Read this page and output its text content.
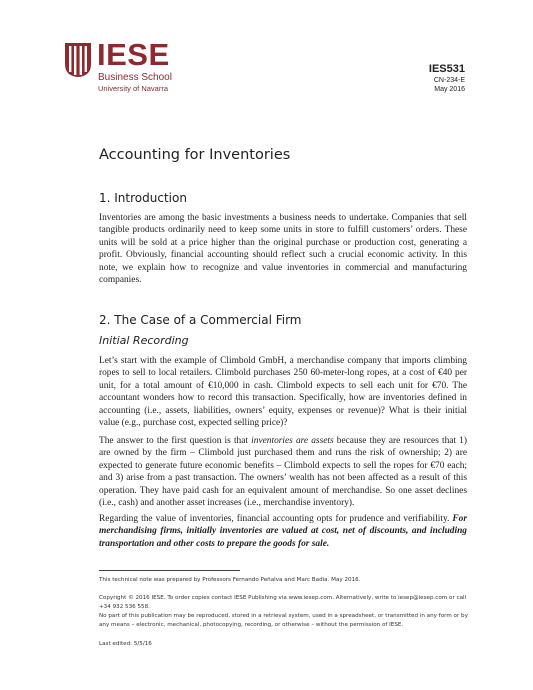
IESE
Business School
University of Navarra
IES531
CN-234-E
May 2016
Accounting for Inventories
1. Introduction

Inventories are among the basic investments a business needs to undertake. Companies that sell tangible products ordinarily need to keep some units in store to fulfill customers’ orders. These units will be sold at a price higher than the original purchase or production cost, generating a profit. Obviously, financial accounting should reflect such a crucial economic activity. In this note, we explain how to recognize and value inventories in commercial and manufacturing companies.

2. The Case of a Commercial Firm
Initial Recording

Let’s start with the example of Climbold GmbH, a merchandise company that imports climbing ropes to sell to local retailers. Climbold purchases 250 60-meter-long ropes, at a cost of €40 per unit, for a total amount of €10,000 in cash. Climbold expects to sell each unit for €70. The accountant wonders how to record this transaction. Specifically, how are inventories defined in accounting (i.e., assets, liabilities, owners’ equity, expenses or revenue)? What is their initial value (e.g., purchase cost, expected selling price)?

The answer to the first question is that inventories are assets because they are resources that 1) are owned by the firm – Climbold just purchased them and runs the risk of ownership; 2) are expected to generate future economic benefits – Climbold expects to sell the ropes for €70 each; and 3) arise from a past transaction. The owners’ wealth has not been affected as a result of this operation. They have paid cash for an equivalent amount of merchandise. So one asset declines (i.e., cash) and another asset increases (i.e., merchandise inventory).

Regarding the value of inventories, financial accounting opts for prudence and verifiability. For merchandising firms, initially inventories are valued at cost, net of discounts, and including transportation and other costs to prepare the goods for sale.

This technical note was prepared by Professors Fernando Peñalva and Marc Badia. May 2016.

Copyright © 2016 IESE. To order copies contact IESE Publishing via www.iesep.com. Alternatively, write to iesep@iesep.com or call +34 932 536 558.

No part of this publication may be reproduced, stored in a retrieval system, used in a spreadsheet, or transmitted in any form or by any means – electronic, mechanical, photocopying, recording, or otherwise – without the permission of IESE.

Last edited: 5/5/16
